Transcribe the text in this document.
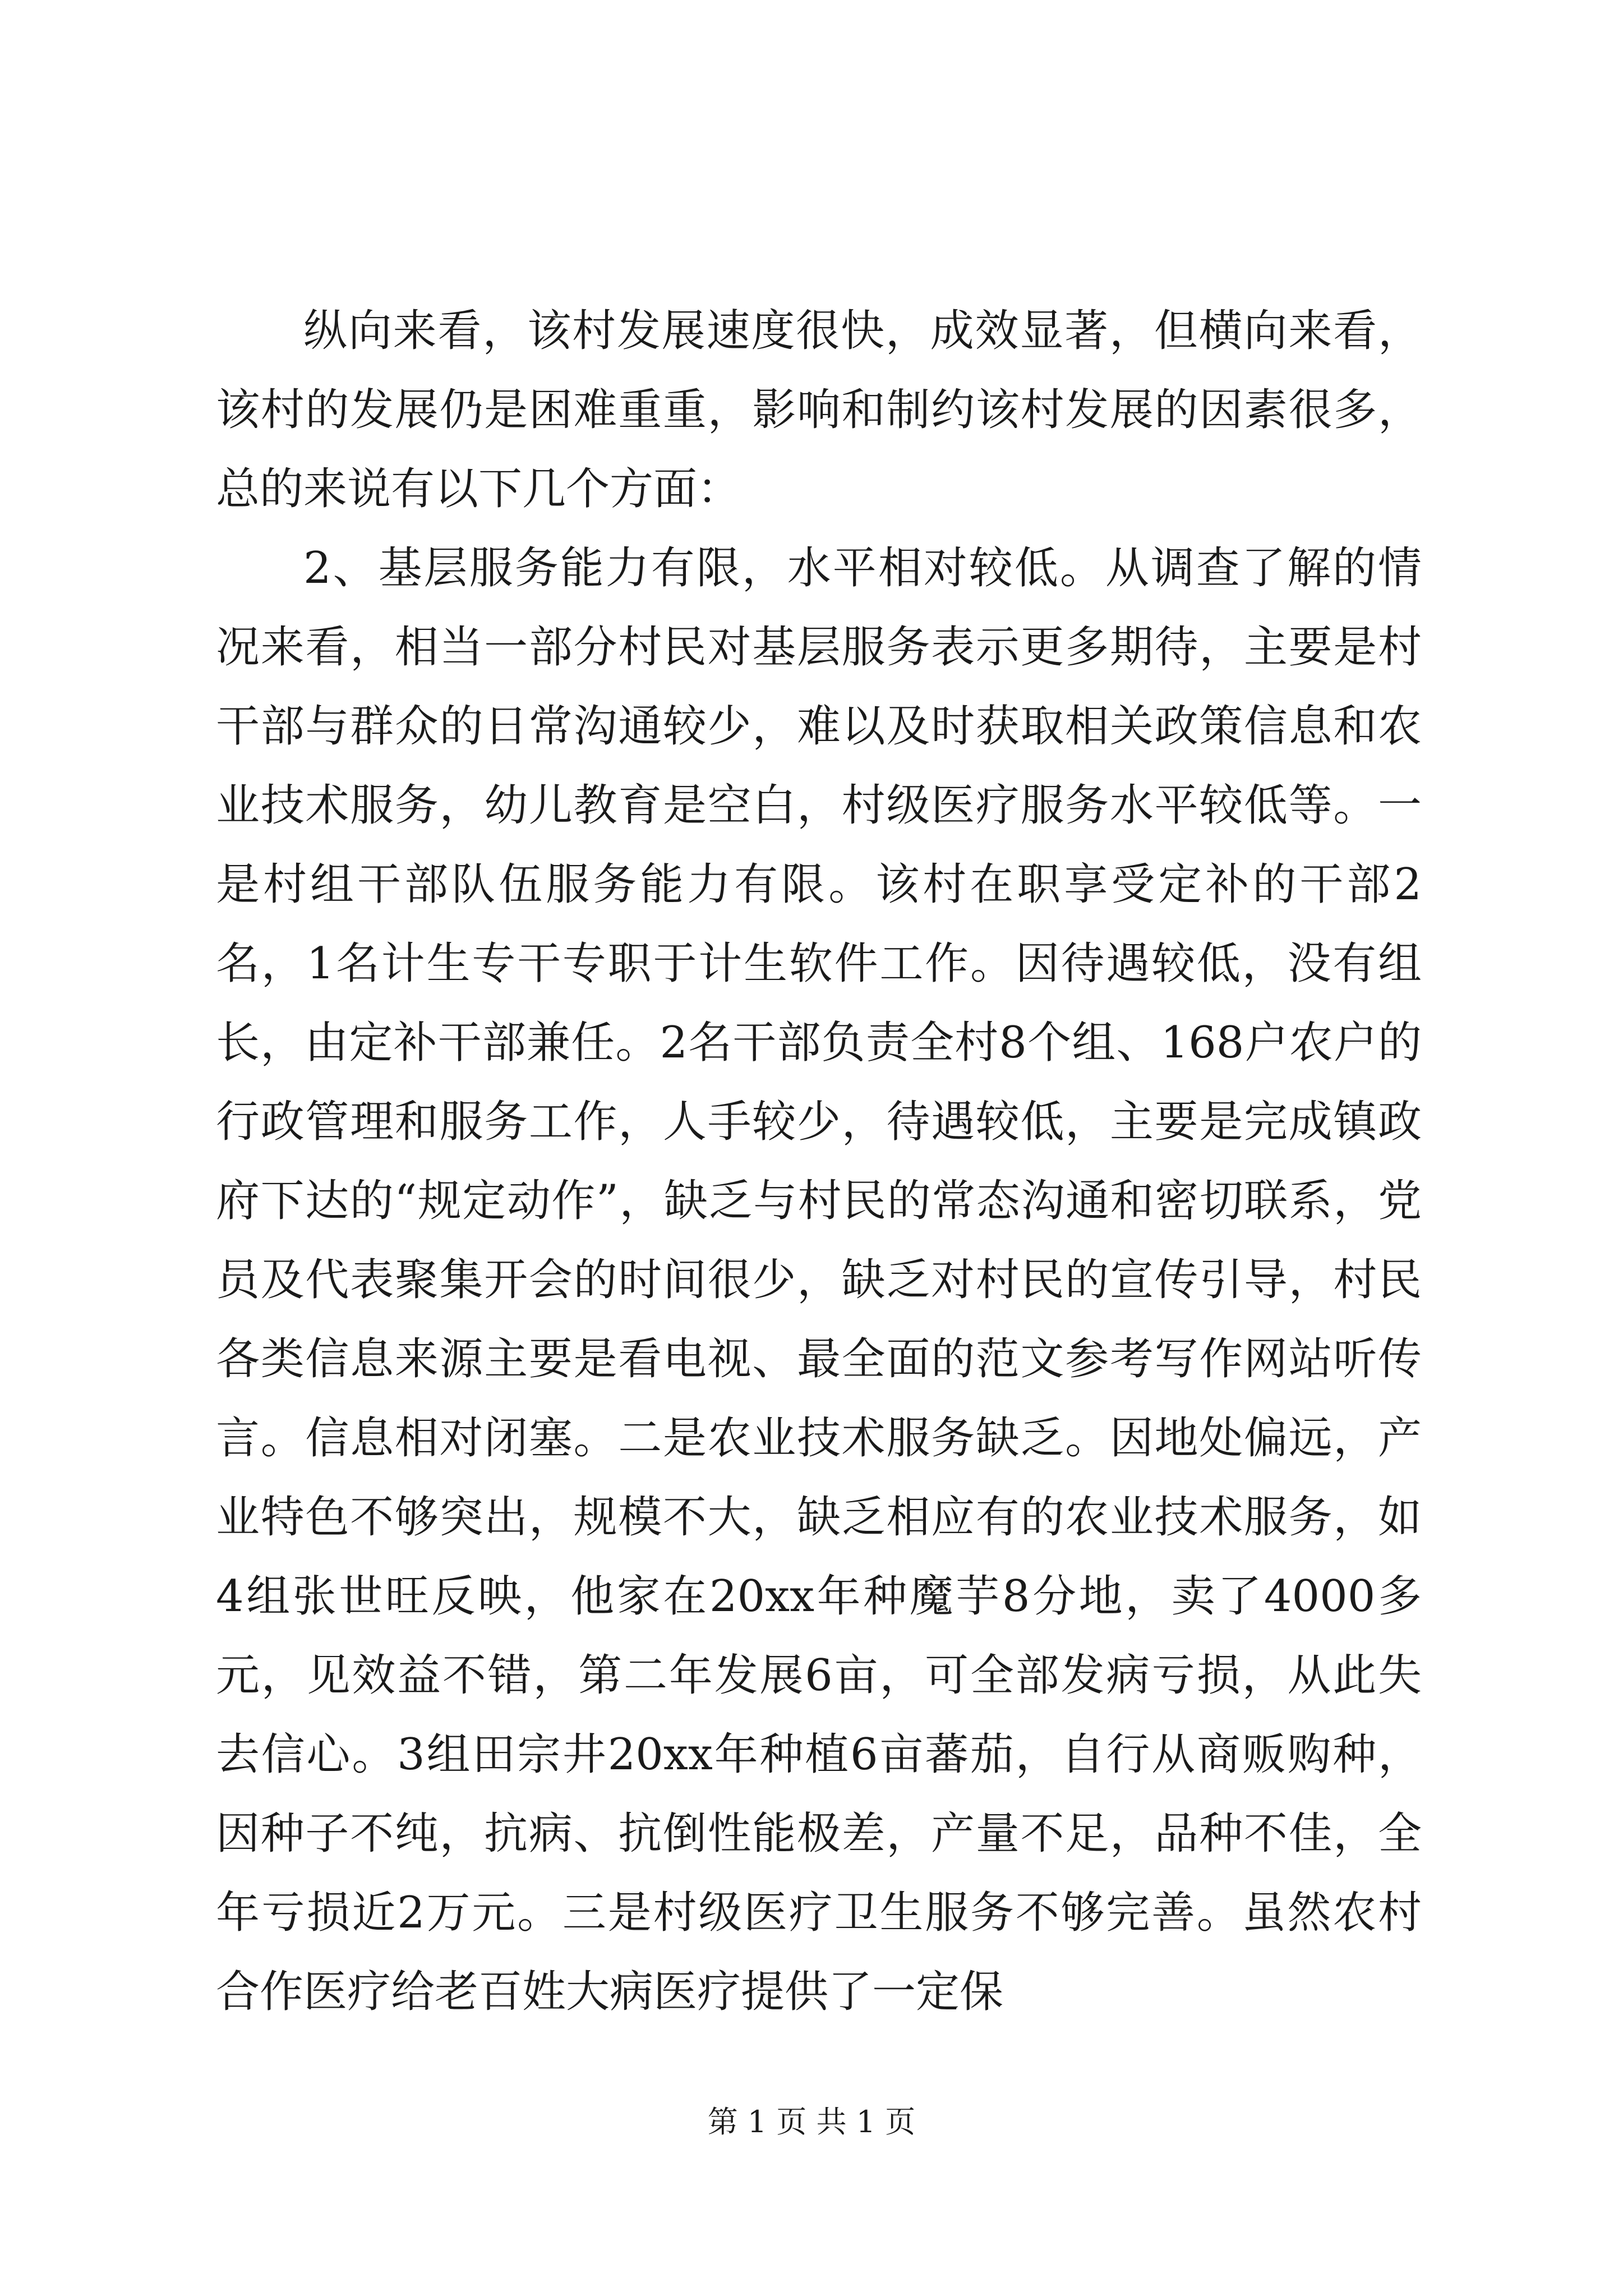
纵向来看，该村发展速度很快，成效显著，但横向来看，该村的发展仍是困难重重，影响和制约该村发展的因素很多，总的来说有以下几个方面：

2、基层服务能力有限，水平相对较低。从调查了解的情况来看，相当一部分村民对基层服务表示更多期待，主要是村干部与群众的日常沟通较少，难以及时获取相关政策信息和农业技术服务，幼儿教育是空白，村级医疗服务水平较低等。一是村组干部队伍服务能力有限。该村在职享受定补的干部2名，1名计生专干专职于计生软件工作。因待遇较低，没有组长，由定补干部兼任。2名干部负责全村8个组、168户农户的行政管理和服务工作，人手较少，待遇较低，主要是完成镇政府下达的“规定动作”，缺乏与村民的常态沟通和密切联系，党员及代表聚集开会的时间很少，缺乏对村民的宣传引导，村民各类信息来源主要是看电视、最全面的范文参考写作网站听传言。信息相对闭塞。二是农业技术服务缺乏。因地处偏远，产业特色不够突出，规模不大，缺乏相应有的农业技术服务，如4组张世旺反映，他家在20xx年种魔芋8分地，卖了4000多元，见效益不错，第二年发展6亩，可全部发病亏损，从此失去信心。3组田宗井20xx年种植6亩蕃茄，自行从商贩购种，因种子不纯，抗病、抗倒性能极差，产量不足，品种不佳，全年亏损近2万元。三是村级医疗卫生服务不够完善。虽然农村合作医疗给老百姓大病医疗提供了一定保

第 1 页 共 1 页
